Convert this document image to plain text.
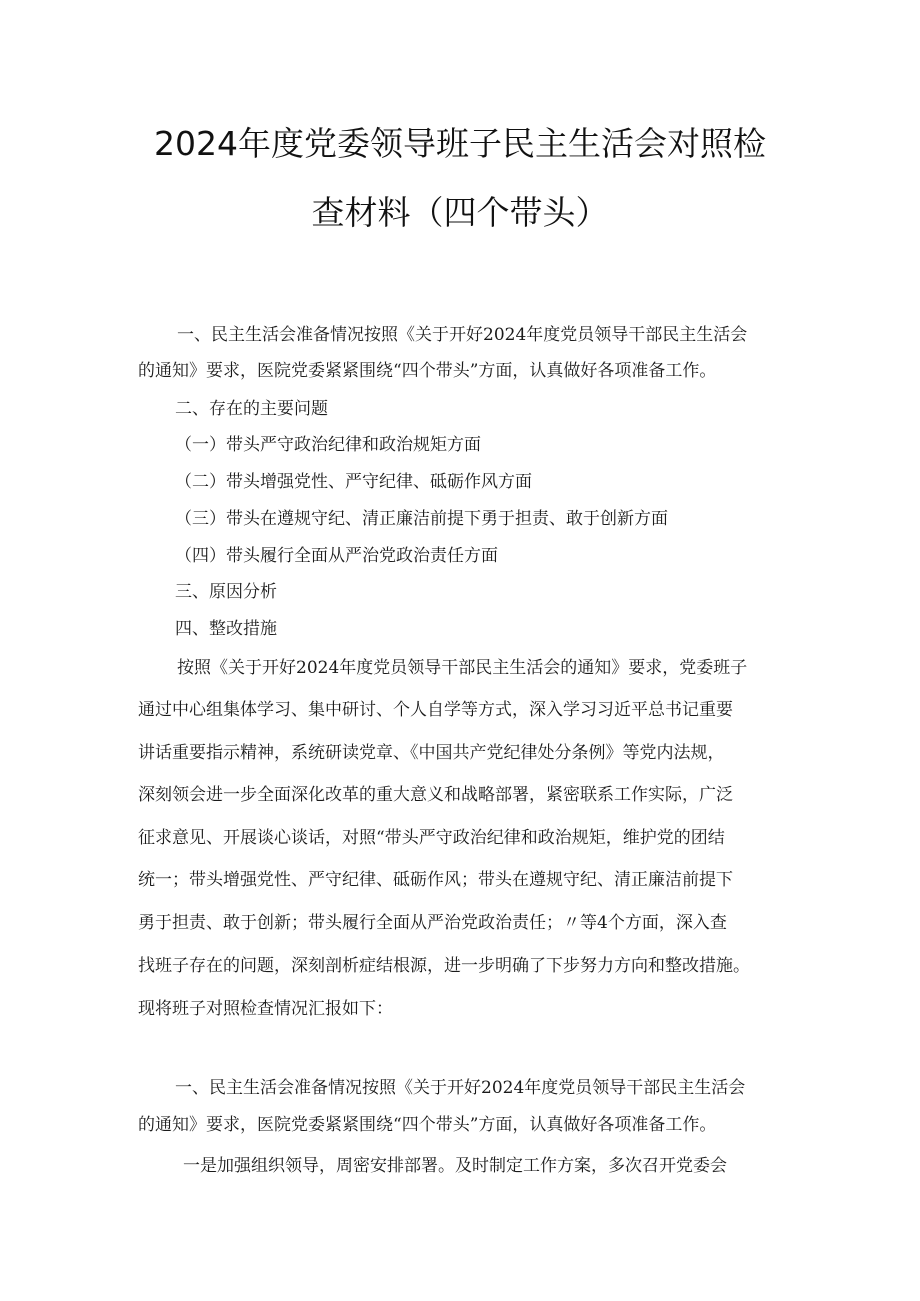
2024年度党委领导班子民主生活会对照检
查材料（四个带头）
一、民主生活会准备情况按照《关于开好2024年度党员领导干部民主生活会
的通知》要求，医院党委紧紧围绕“四个带头”方面，认真做好各项准备工作。
二、存在的主要问题
（一）带头严守政治纪律和政治规矩方面
（二）带头增强党性、严守纪律、砥砺作风方面
（三）带头在遵规守纪、清正廉洁前提下勇于担责、敢于创新方面
（四）带头履行全面从严治党政治责任方面
三、原因分析
四、整改措施
按照《关于开好2024年度党员领导干部民主生活会的通知》要求，党委班子
通过中心组集体学习、集中研讨、个人自学等方式，深入学习习近平总书记重要
讲话重要指示精神，系统研读党章、《中国共产党纪律处分条例》等党内法规，
深刻领会进一步全面深化改革的重大意义和战略部署，紧密联系工作实际，广泛
征求意见、开展谈心谈话，对照“带头严守政治纪律和政治规矩，维护党的团结
统一；带头增强党性、严守纪律、砥砺作风；带头在遵规守纪、清正廉洁前提下
勇于担责、敢于创新；带头履行全面从严治党政治责任；〃等4个方面，深入查
找班子存在的问题，深刻剖析症结根源，进一步明确了下步努力方向和整改措施。
现将班子对照检查情况汇报如下：
一、民主生活会准备情况按照《关于开好2024年度党员领导干部民主生活会
的通知》要求，医院党委紧紧围绕“四个带头”方面，认真做好各项准备工作。
一是加强组织领导，周密安排部署。及时制定工作方案，多次召开党委会
